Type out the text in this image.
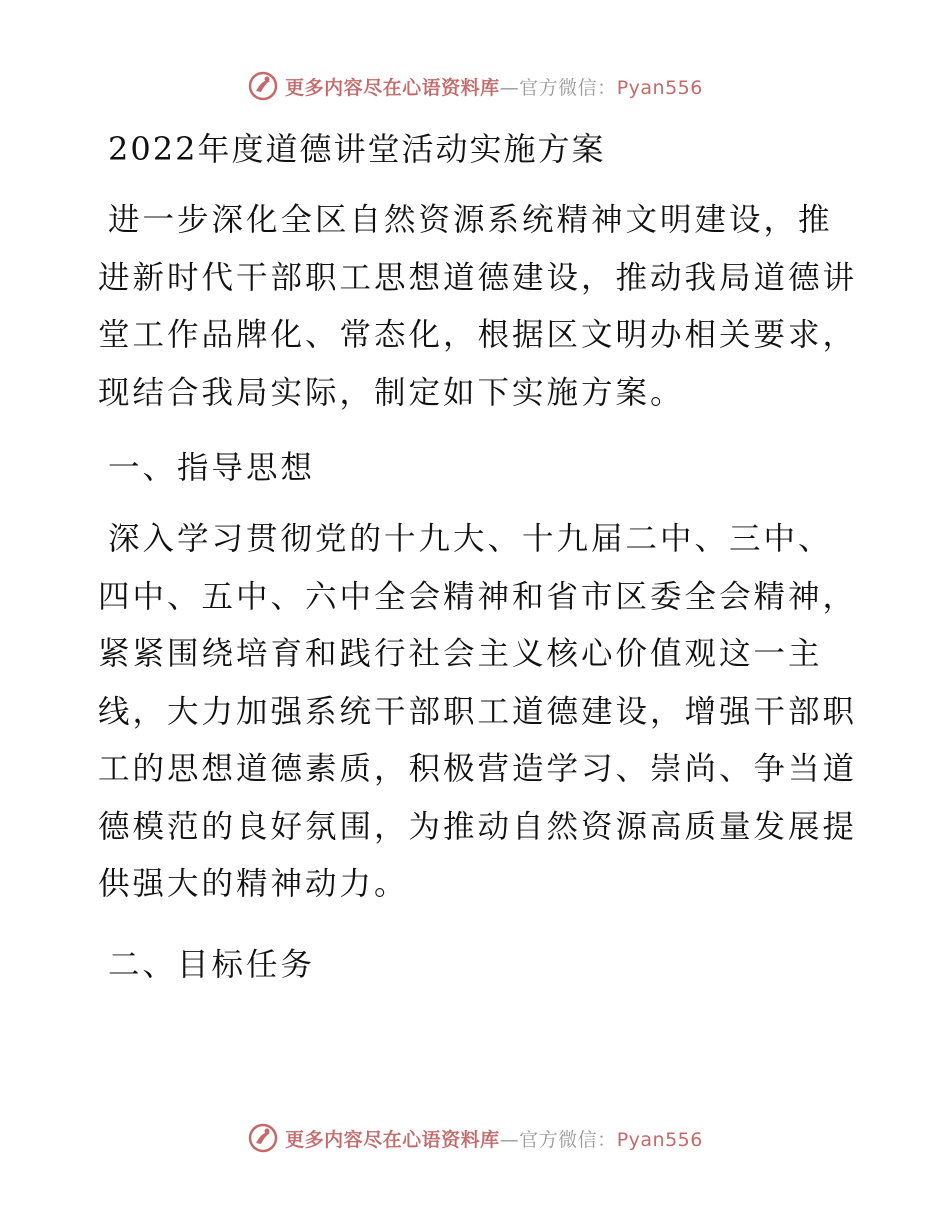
更多内容尽在心语资料库—官方微信：Pyan556
2022年度道德讲堂活动实施方案

进一步深化全区自然资源系统精神文明建设，推进新时代干部职工思想道德建设，推动我局道德讲堂工作品牌化、常态化，根据区文明办相关要求，现结合我局实际，制定如下实施方案。

一、指导思想

深入学习贯彻党的十九大、十九届二中、三中、四中、五中、六中全会精神和省市区委全会精神，紧紧围绕培育和践行社会主义核心价值观这一主线，大力加强系统干部职工道德建设，增强干部职工的思想道德素质，积极营造学习、崇尚、争当道德模范的良好氛围，为推动自然资源高质量发展提供强大的精神动力。

二、目标任务
更多内容尽在心语资料库—官方微信：Pyan556
